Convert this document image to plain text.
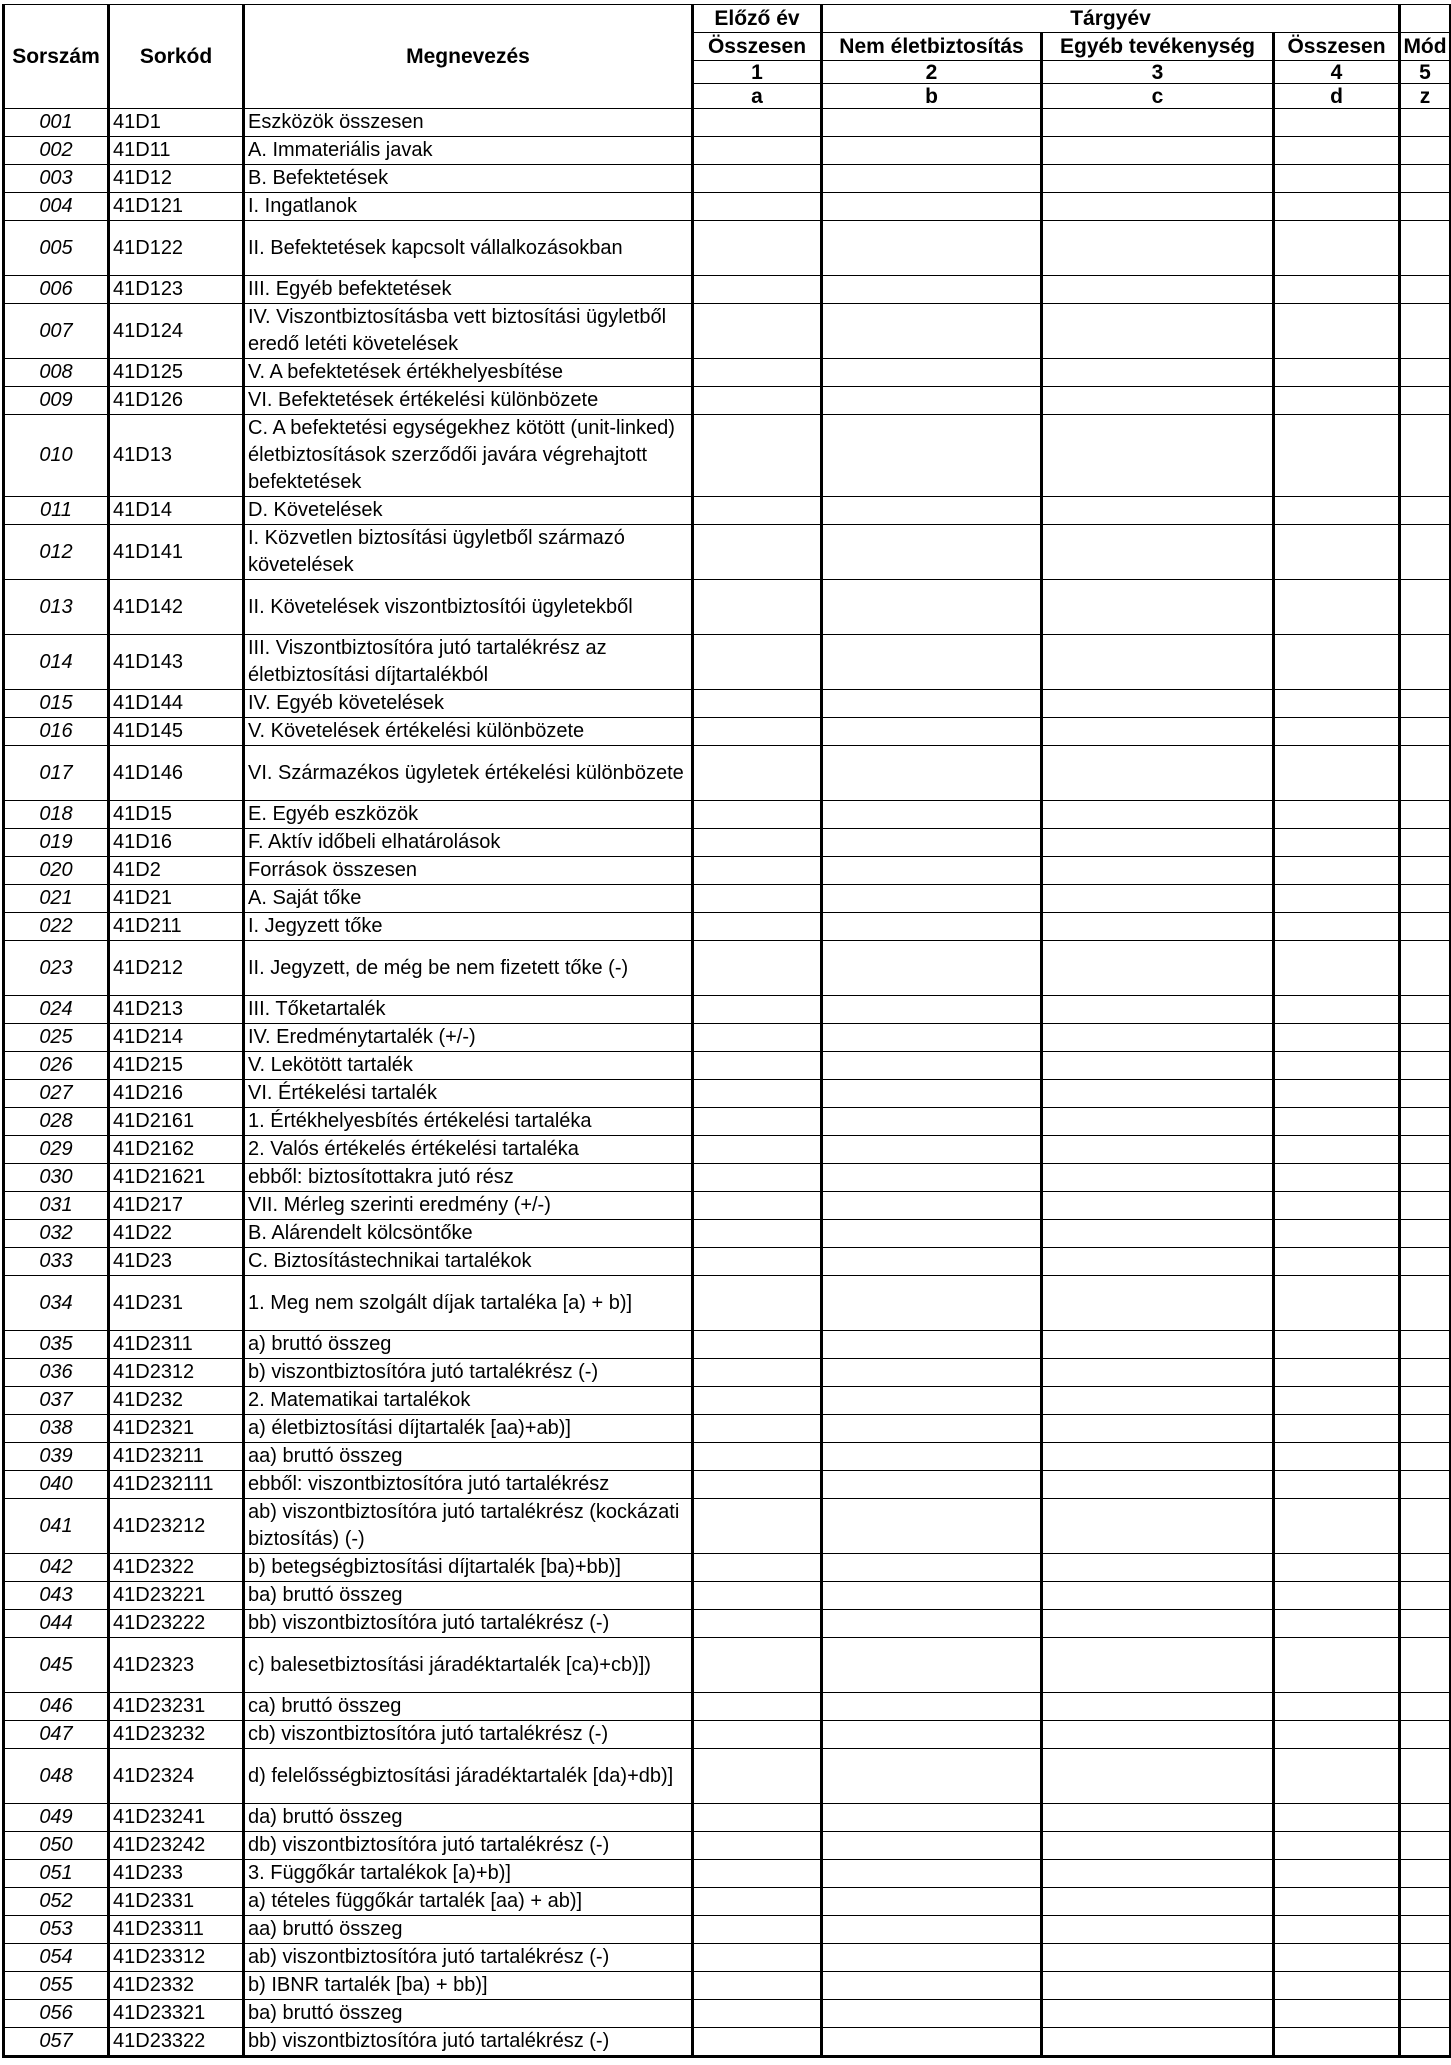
Sorszám	Sorkód	Megnevezés	Előző év	Tárgyév			
			Összesen	Nem életbiztosítás	Egyéb tevékenység	Összesen	Mód
			1	2	3	4	5
			a	b	c	d	z
001	41D1	Eszközök összesen					
002	41D11	A. Immateriális javak					
003	41D12	B. Befektetések					
004	41D121	I. Ingatlanok					
005	41D122	II. Befektetések kapcsolt vállalkozásokban					
006	41D123	III. Egyéb befektetések					
007	41D124	IV. Viszontbiztosításba vett biztosítási ügyletből eredő letéti követelések					
008	41D125	V. A befektetések értékhelyesbítése					
009	41D126	VI. Befektetések értékelési különbözete					
010	41D13	C. A befektetési egységekhez kötött (unit-linked) életbiztosítások szerződői javára végrehajtott befektetések					
011	41D14	D. Követelések					
012	41D141	I. Közvetlen biztosítási ügyletből származó követelések					
013	41D142	II. Követelések viszontbiztosítói ügyletekből					
014	41D143	III. Viszontbiztosítóra jutó tartalékrész az életbiztosítási díjtartalékból					
015	41D144	IV. Egyéb követelések					
016	41D145	V. Követelések értékelési különbözete					
017	41D146	VI. Származékos ügyletek értékelési különbözete					
018	41D15	E. Egyéb eszközök					
019	41D16	F. Aktív időbeli elhatárolások					
020	41D2	Források összesen					
021	41D21	A. Saját tőke					
022	41D211	I. Jegyzett tőke					
023	41D212	II. Jegyzett, de még be nem fizetett tőke (-)					
024	41D213	III. Tőketartalék					
025	41D214	IV. Eredménytartalék (+/-)					
026	41D215	V. Lekötött tartalék					
027	41D216	VI. Értékelési tartalék					
028	41D2161	1. Értékhelyesbítés értékelési tartaléka					
029	41D2162	2. Valós értékelés értékelési tartaléka					
030	41D21621	ebből: biztosítottakra jutó rész					
031	41D217	VII. Mérleg szerinti eredmény (+/-)					
032	41D22	B. Alárendelt kölcsöntőke					
033	41D23	C. Biztosítástechnikai tartalékok					
034	41D231	1. Meg nem szolgált díjak tartaléka [a) + b)]					
035	41D2311	a) bruttó összeg					
036	41D2312	b) viszontbiztosítóra jutó tartalékrész (-)					
037	41D232	2. Matematikai tartalékok					
038	41D2321	a) életbiztosítási díjtartalék [aa)+ab)]					
039	41D23211	aa) bruttó összeg					
040	41D232111	ebből: viszontbiztosítóra jutó tartalékrész					
041	41D23212	ab) viszontbiztosítóra jutó tartalékrész (kockázati biztosítás) (-)					
042	41D2322	b) betegségbiztosítási díjtartalék [ba)+bb)]					
043	41D23221	ba) bruttó összeg					
044	41D23222	bb) viszontbiztosítóra jutó tartalékrész (-)					
045	41D2323	c) balesetbiztosítási járadéktartalék [ca)+cb)])					
046	41D23231	ca) bruttó összeg					
047	41D23232	cb) viszontbiztosítóra jutó tartalékrész (-)					
048	41D2324	d) felelősségbiztosítási járadéktartalék [da)+db)]					
049	41D23241	da) bruttó összeg					
050	41D23242	db) viszontbiztosítóra jutó tartalékrész (-)					
051	41D233	3. Függőkár tartalékok [a)+b)]					
052	41D2331	a) tételes függőkár tartalék [aa) + ab)]					
053	41D23311	aa) bruttó összeg					
054	41D23312	ab) viszontbiztosítóra jutó tartalékrész (-)					
055	41D2332	b) IBNR tartalék [ba) + bb)]					
056	41D23321	ba) bruttó összeg					
057	41D23322	bb) viszontbiztosítóra jutó tartalékrész (-)					
